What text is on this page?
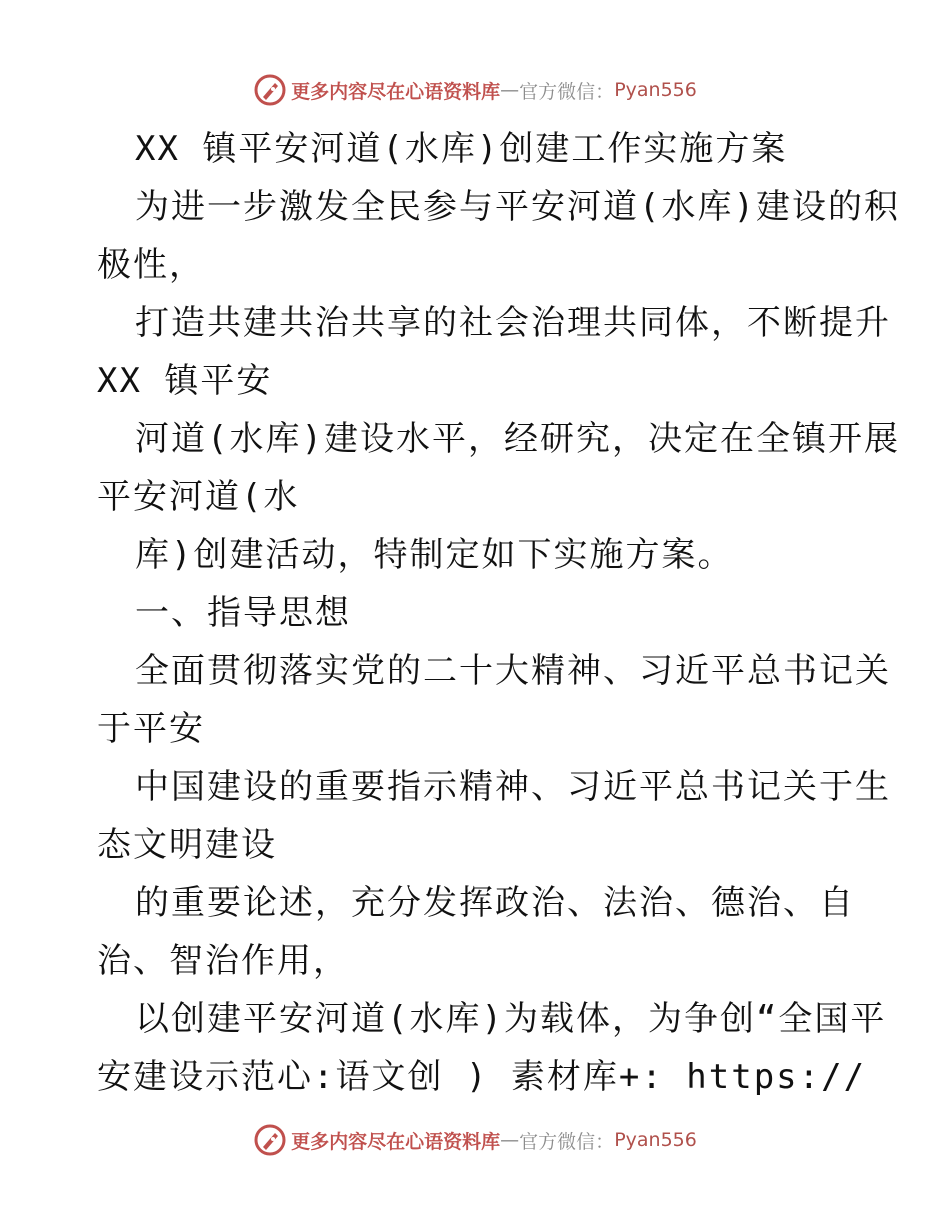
更多内容尽在心语资料库 — 官方微信： Pyan556
XX 镇平安河道(水库)创建工作实施方案
为进一步激发全民参与平安河道(水库)建设的积
极性，
打造共建共治共享的社会治理共同体，不断提升
XX 镇平安
河道(水库)建设水平，经研究，决定在全镇开展
平安河道(水
库)创建活动，特制定如下实施方案。
一、指导思想
全面贯彻落实党的二十大精神、习近平总书记关
于平安
中国建设的重要指示精神、习近平总书记关于生
态文明建设
的重要论述，充分发挥政治、法治、德治、自
治、智治作用，
以创建平安河道(水库)为载体，为争创“全国平
安建设示范心:语文创 ) 素材库+: https://
更多内容尽在心语资料库 — 官方微信： Pyan556
